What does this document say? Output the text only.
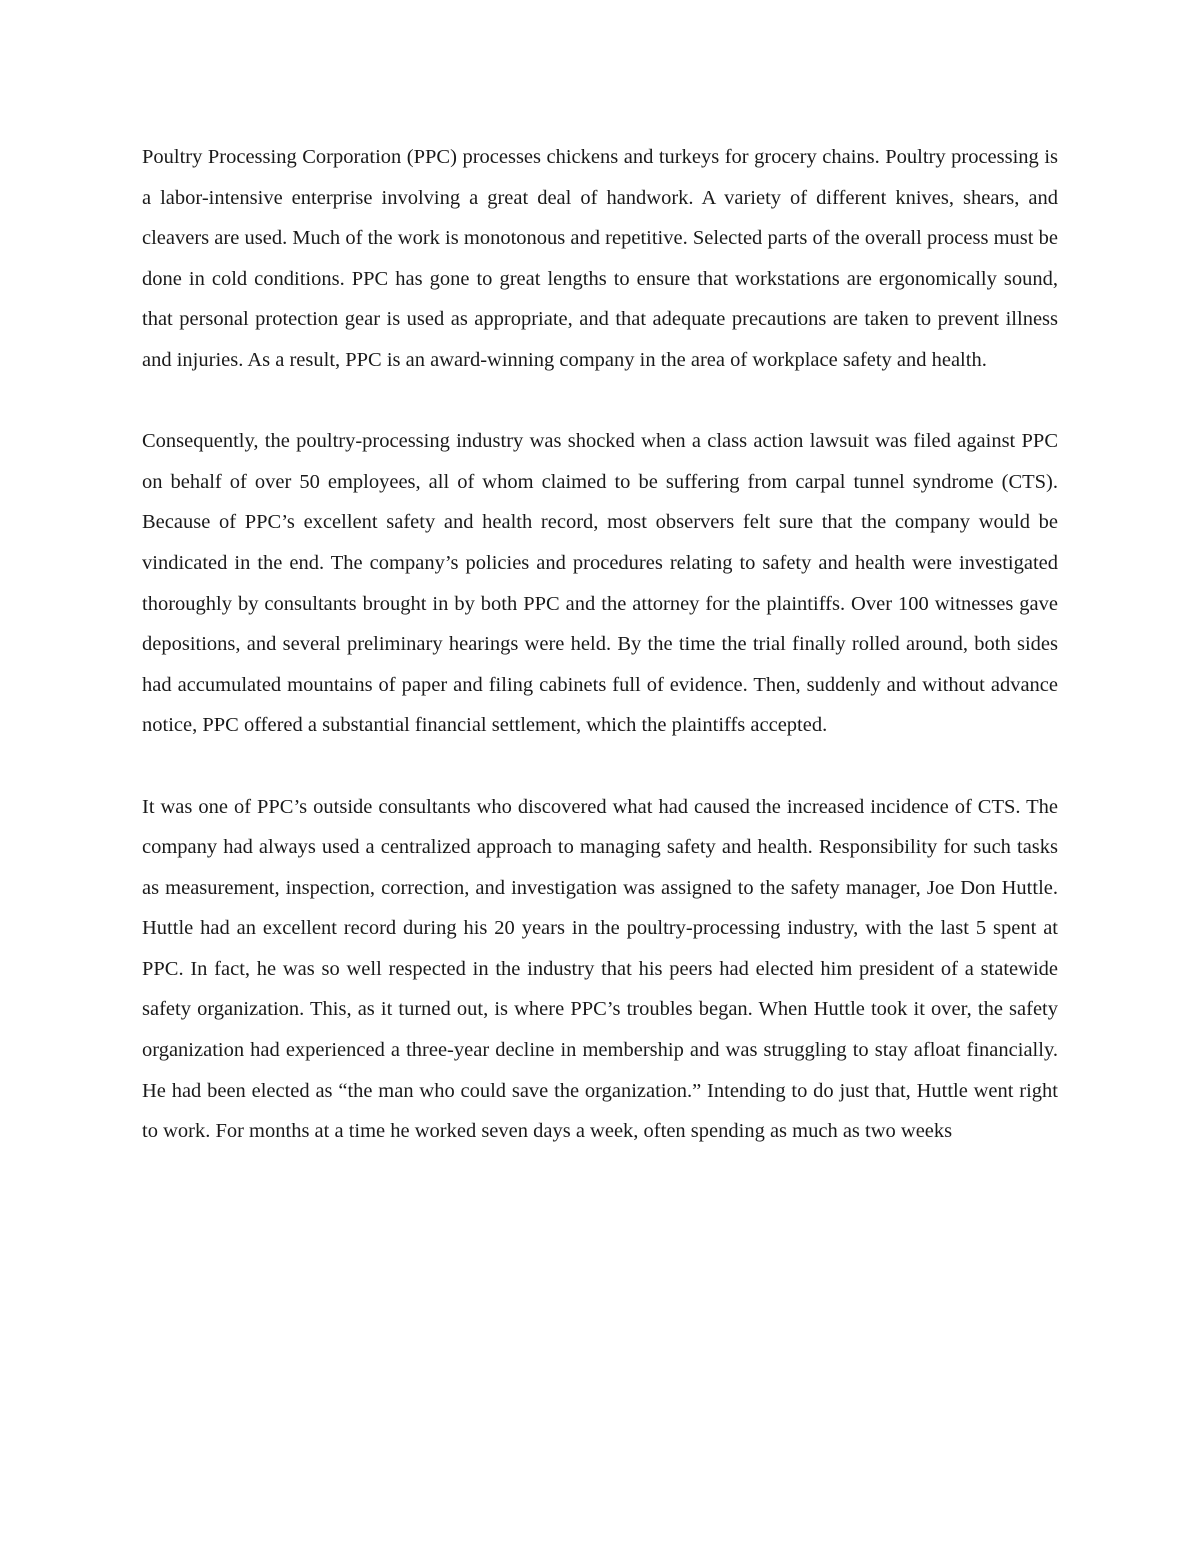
Poultry Processing Corporation (PPC) processes chickens and turkeys for grocery chains. Poultry processing is a labor-intensive enterprise involving a great deal of handwork. A variety of different knives, shears, and cleavers are used. Much of the work is monotonous and repetitive. Selected parts of the overall process must be done in cold conditions. PPC has gone to great lengths to ensure that workstations are ergonomically sound, that personal protection gear is used as appropriate, and that adequate precautions are taken to prevent illness and injuries. As a result, PPC is an award-winning company in the area of workplace safety and health.

Consequently, the poultry-processing industry was shocked when a class action lawsuit was filed against PPC on behalf of over 50 employees, all of whom claimed to be suffering from carpal tunnel syndrome (CTS). Because of PPC’s excellent safety and health record, most observers felt sure that the company would be vindicated in the end. The company’s policies and procedures relating to safety and health were investigated thoroughly by consultants brought in by both PPC and the attorney for the plaintiffs. Over 100 witnesses gave depositions, and several preliminary hearings were held. By the time the trial finally rolled around, both sides had accumulated mountains of paper and filing cabinets full of evidence. Then, suddenly and without advance notice, PPC offered a substantial financial settlement, which the plaintiffs accepted.

It was one of PPC’s outside consultants who discovered what had caused the increased incidence of CTS. The company had always used a centralized approach to managing safety and health. Responsibility for such tasks as measurement, inspection, correction, and investigation was assigned to the safety manager, Joe Don Huttle. Huttle had an excellent record during his 20 years in the poultry-processing industry, with the last 5 spent at PPC. In fact, he was so well respected in the industry that his peers had elected him president of a statewide safety organization. This, as it turned out, is where PPC’s troubles began. When Huttle took it over, the safety organization had experienced a three-year decline in membership and was struggling to stay afloat financially. He had been elected as “the man who could save the organization.” Intending to do just that, Huttle went right to work. For months at a time he worked seven days a week, often spending as much as two weeks
